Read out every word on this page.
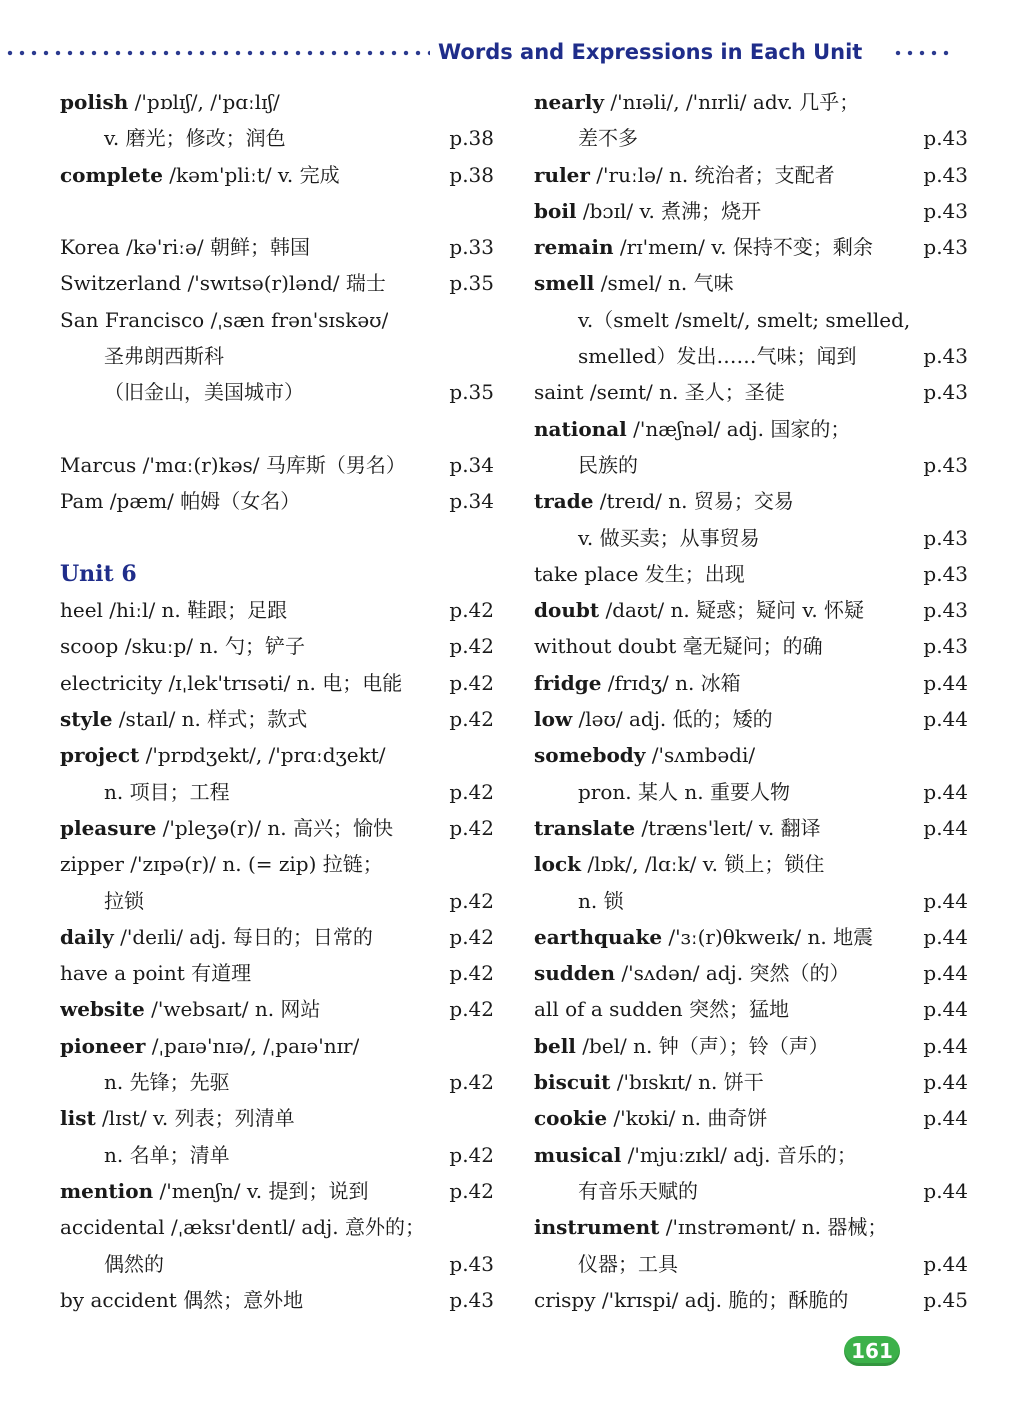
Words and Expressions in Each Unit
polish /'pɒlɪʃ/, /'pɑːlɪʃ/
v. 磨光；修改；润色	p.38
complete /kəm'pliːt/ v. 完成	p.38
Korea /kə'riːə/ 朝鲜；韩国	p.33
Switzerland /'swɪtsə(r)lənd/ 瑞士	p.35
San Francisco /ˌsæn frən'sɪskəʊ/
圣弗朗西斯科
（旧金山，美国城市）	p.35
Marcus /'mɑː(r)kəs/ 马库斯（男名） p.34
Pam /pæm/ 帕姆（女名）	p.34
Unit 6
heel /hiːl/ n. 鞋跟；足跟	p.42
scoop /skuːp/ n. 勺；铲子	p.42
electricity /ɪˌlek'trɪsəti/ n. 电；电能 p.42
style /staɪl/ n. 样式；款式	p.42
project /'prɒdʒekt/, /'prɑːdʒekt/
n. 项目；工程	p.42
pleasure /'pleʒə(r)/ n. 高兴；愉快	p.42
zipper /'zɪpə(r)/ n. (= zip) 拉链；
拉锁	p.42
daily /'deɪli/ adj. 每日的；日常的	p.42
have a point 有道理	p.42
website /'websaɪt/ n. 网站	p.42
pioneer /ˌpaɪə'nɪə/, /ˌpaɪə'nɪr/
n. 先锋；先驱	p.42
list /lɪst/ v. 列表；列清单
n. 名单；清单	p.42
mention /'menʃn/ v. 提到；说到	p.42
accidental /ˌæksɪ'dentl/ adj. 意外的；
偶然的	p.43
by accident 偶然；意外地	p.43
nearly /'nɪəli/, /'nɪrli/ adv. 几乎；
差不多	p.43
ruler /'ruːlə/ n. 统治者；支配者	p.43
boil /bɔɪl/ v. 煮沸；烧开	p.43
remain /rɪ'meɪn/ v. 保持不变；剩余	p.43
smell /smel/ n. 气味
v.（smelt /smelt/, smelt; smelled,
smelled）发出……气味；闻到	p.43
saint /seɪnt/ n. 圣人；圣徒	p.43
national /'næʃnəl/ adj. 国家的；
民族的	p.43
trade /treɪd/ n. 贸易；交易
v. 做买卖；从事贸易	p.43
take place 发生；出现	p.43
doubt /daʊt/ n. 疑惑；疑问 v. 怀疑	p.43
without doubt 毫无疑问；的确	p.43
fridge /frɪdʒ/ n. 冰箱	p.44
low /ləʊ/ adj. 低的；矮的	p.44
somebody /'sʌmbədi/
pron. 某人 n. 重要人物	p.44
translate /træns'leɪt/ v. 翻译	p.44
lock /lɒk/, /lɑːk/ v. 锁上；锁住
n. 锁	p.44
earthquake /'ɜː(r)θkweɪk/ n. 地震	p.44
sudden /'sʌdən/ adj. 突然（的）	p.44
all of a sudden 突然；猛地	p.44
bell /bel/ n. 钟（声）；铃（声）	p.44
biscuit /'bɪskɪt/ n. 饼干	p.44
cookie /'kʊki/ n. 曲奇饼	p.44
musical /'mjuːzɪkl/ adj. 音乐的；
有音乐天赋的	p.44
instrument /'ɪnstrəmənt/ n. 器械；
仪器；工具	p.44
crispy /'krɪspi/ adj. 脆的；酥脆的	p.45
161
